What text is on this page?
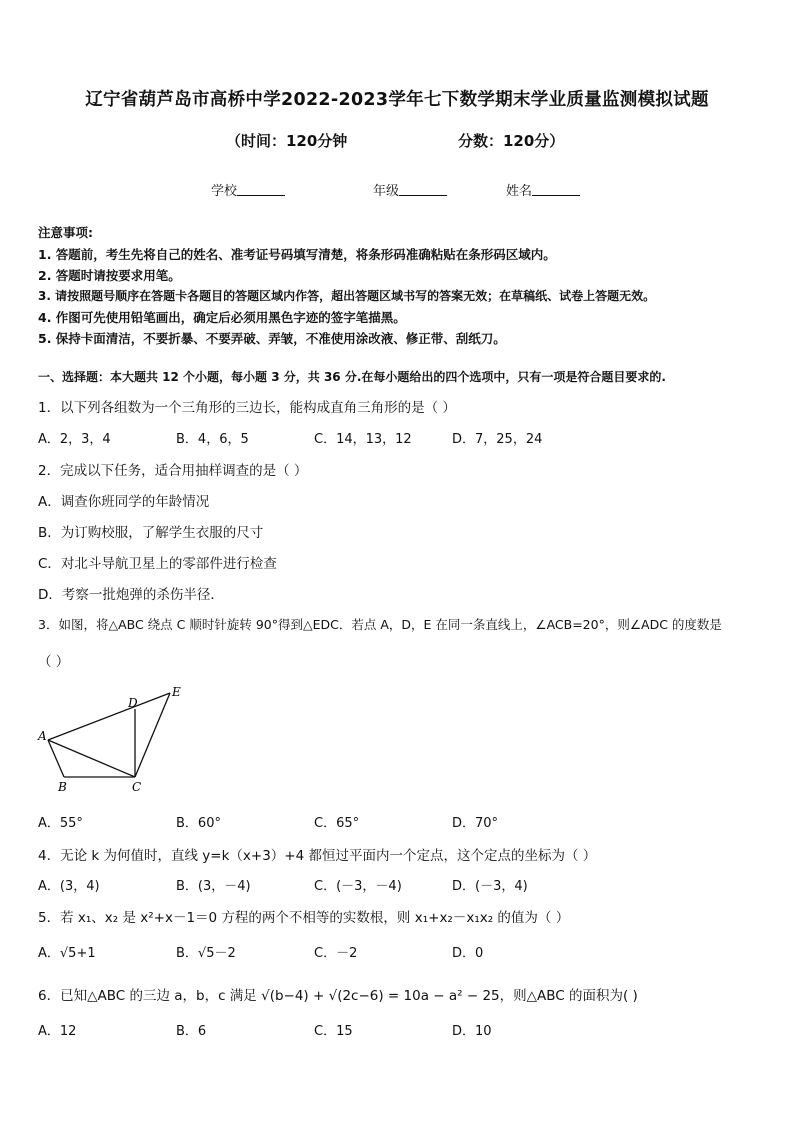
辽宁省葫芦岛市高桥中学2022-2023学年七下数学期末学业质量监测模拟试题
（时间：120分钟	分数：120分）
学校	年级	姓名
注意事项:
1. 答题前，考生先将自己的姓名、准考证号码填写清楚，将条形码准确粘贴在条形码区域内。
2. 答题时请按要求用笔。
3. 请按照题号顺序在答题卡各题目的答题区域内作答，超出答题区域书写的答案无效；在草稿纸、试卷上答题无效。
4. 作图可先使用铅笔画出，确定后必须用黑色字迹的签字笔描黑。
5. 保持卡面清洁，不要折暴、不要弄破、弄皱，不准使用涂改液、修正带、刮纸刀。
一、选择题：本大题共 12 个小题，每小题 3 分，共 36 分.在每小题给出的四个选项中，只有一项是符合题目要求的.
1．以下列各组数为一个三角形的三边长，能构成直角三角形的是（ ）
A．2，3，4	B．4，6，5	C．14，13，12	D．7，25，24
2．完成以下任务，适合用抽样调查的是（ ）
A．调查你班同学的年龄情况
B．为订购校服，了解学生衣服的尺寸
C．对北斗导航卫星上的零部件进行检查
D．考察一批炮弹的杀伤半径．
3．如图，将△ABC 绕点 C 顺时针旋转 90°得到△EDC．若点 A，D，E 在同一条直线上，∠ACB=20°，则∠ADC 的度数是
（ ）
A
B	C
D
E
A．55°	B．60°	C．65°	D．70°
4．无论 k 为何值时，直线 y=k（x+3）+4 都恒过平面内一个定点，这个定点的坐标为（ ）
A．(3，4)	B．(3，－4)	C．(－3，－4)	D．(－3，4)
5．若 x₁、x₂ 是 x²+x－1＝0 方程的两个不相等的实数根，则 x₁+x₂－x₁x₂ 的值为（ ）
A．√5+1	B．√5－2	C．－2	D．0
6．已知△ABC 的三边 a，b，c 满足 √(b−4) + √(2c−6) = 10a − a² − 25，则△ABC 的面积为( )
A．12	B．6	C．15	D．10
